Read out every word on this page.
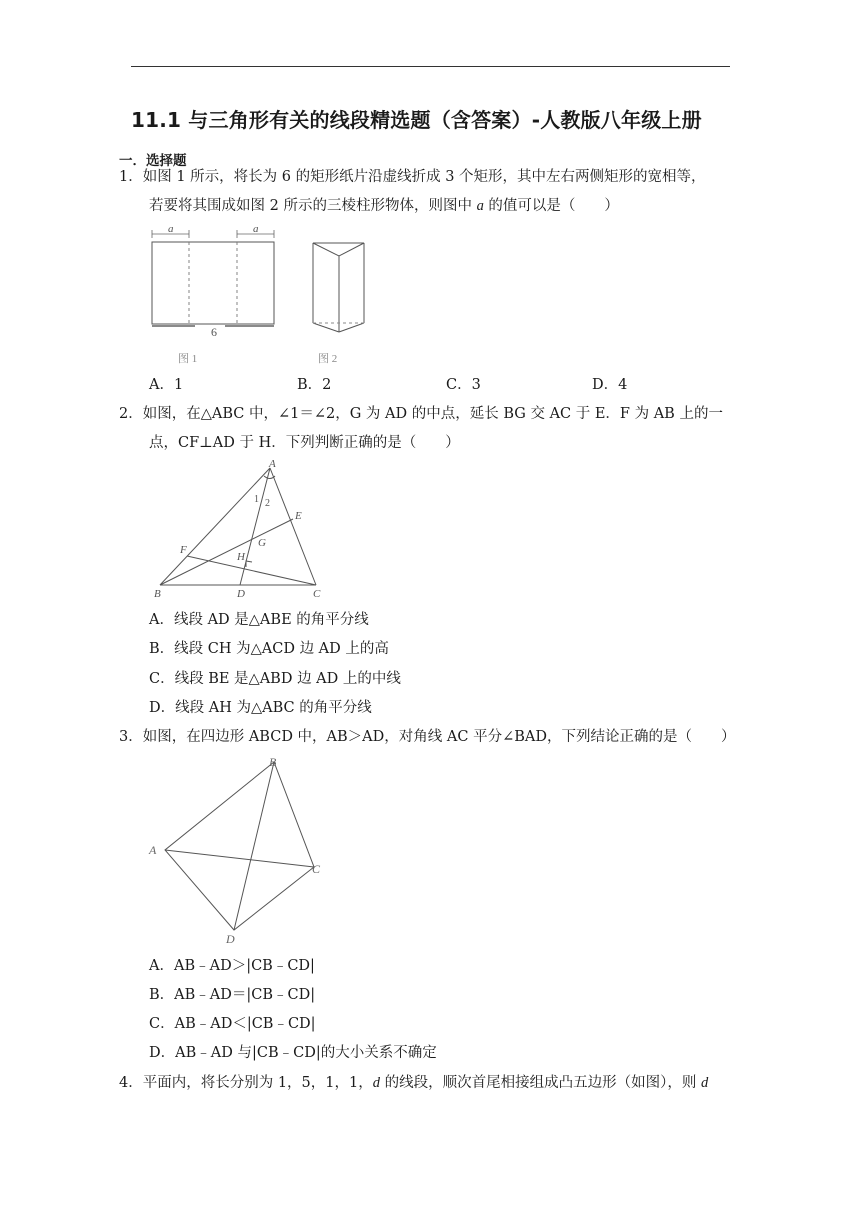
11.1 与三角形有关的线段精选题（含答案）-人教版八年级上册
一．选择题
1．如图 1 所示，将长为 6 的矩形纸片沿虚线折成 3 个矩形，其中左右两侧矩形的宽相等，
若要将其围成如图 2 所示的三棱柱形物体，则图中 a 的值可以是（　　）
a	a
6
图 1	图 2
A．1	B．2	C．3	D．4
2．如图，在△ABC 中，∠1＝∠2，G 为 AD 的中点，延长 BG 交 AC 于 E．F 为 AB 上的一
点，CF⊥AD 于 H．下列判断正确的是（　　）
A
B	C
D
E
F
G
H
1 2
A．线段 AD 是△ABE 的角平分线
B．线段 CH 为△ACD 边 AD 上的高
C．线段 BE 是△ABD 边 AD 上的中线
D．线段 AH 为△ABC 的角平分线
3．如图，在四边形 ABCD 中，AB＞AD，对角线 AC 平分∠BAD，下列结论正确的是（　　）
B
A
C
D
A．AB﹣AD＞|CB﹣CD|
B．AB﹣AD＝|CB﹣CD|
C．AB﹣AD＜|CB﹣CD|
D．AB﹣AD 与|CB﹣CD|的大小关系不确定
4．平面内，将长分别为 1，5，1，1，d 的线段，顺次首尾相接组成凸五边形（如图），则 d
